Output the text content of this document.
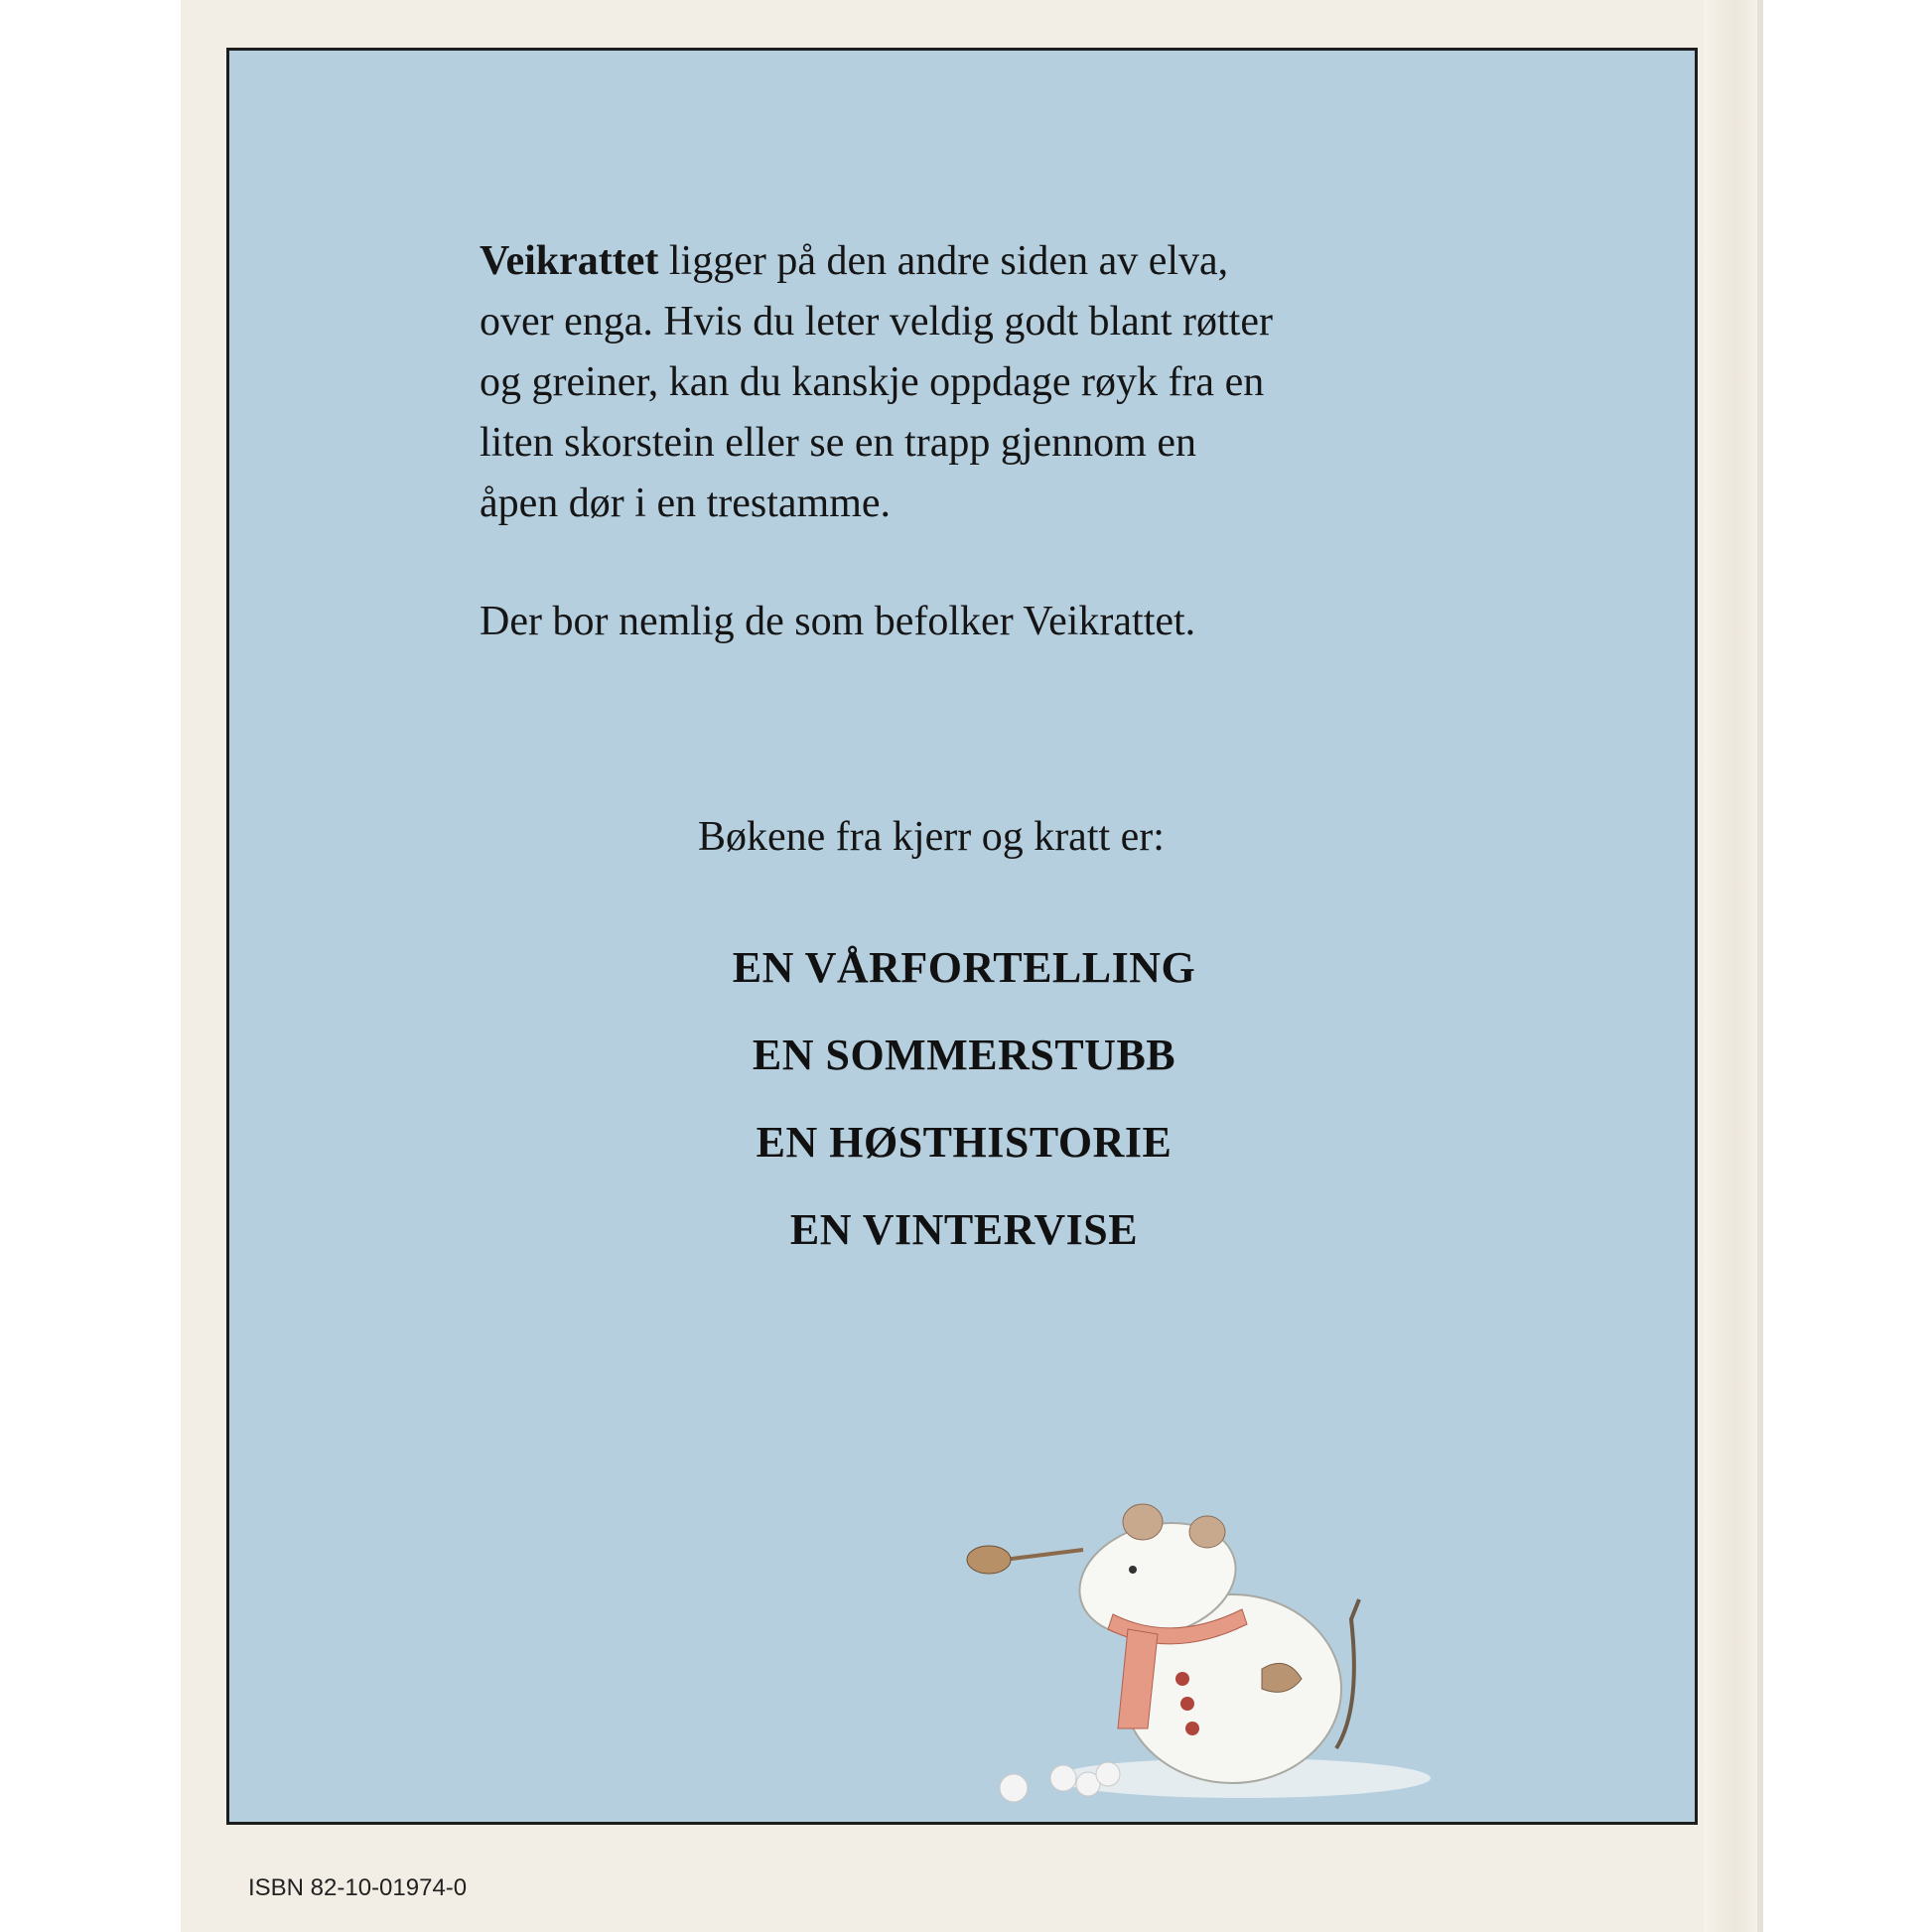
Veikrattet ligger på den andre siden av elva,
over enga. Hvis du leter veldig godt blant røtter
og greiner, kan du kanskje oppdage røyk fra en
liten skorstein eller se en trapp gjennom en
åpen dør i en trestamme.
Der bor nemlig de som befolker Veikrattet.
Bøkene fra kjerr og kratt er:
EN VÅRFORTELLING
EN SOMMERSTUBB
EN HØSTHISTORIE
EN VINTERVISE
ISBN 82-10-01974-0
